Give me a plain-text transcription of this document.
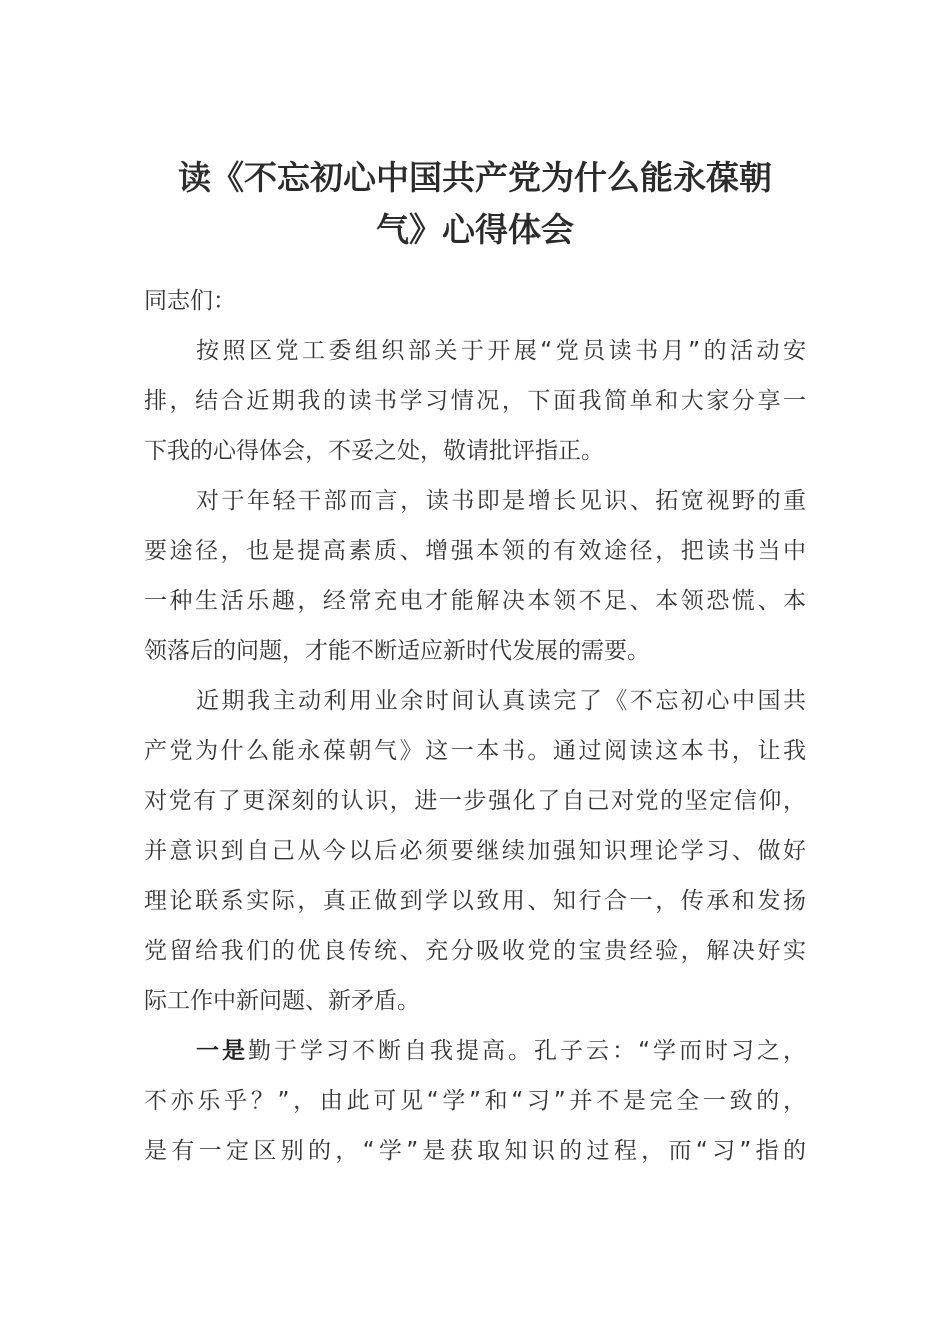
读《不忘初心中国共产党为什么能永葆朝
气》心得体会
同志们：
按照区党工委组织部关于开展“党员读书月”的活动安
排，结合近期我的读书学习情况，下面我简单和大家分享一
下我的心得体会，不妥之处，敬请批评指正。
对于年轻干部而言，读书即是增长见识、拓宽视野的重
要途径，也是提高素质、增强本领的有效途径，把读书当中
一种生活乐趣，经常充电才能解决本领不足、本领恐慌、本
领落后的问题，才能不断适应新时代发展的需要。
近期我主动利用业余时间认真读完了《不忘初心中国共
产党为什么能永葆朝气》这一本书。通过阅读这本书，让我
对党有了更深刻的认识，进一步强化了自己对党的坚定信仰，
并意识到自己从今以后必须要继续加强知识理论学习、做好
理论联系实际，真正做到学以致用、知行合一，传承和发扬
党留给我们的优良传统、充分吸收党的宝贵经验，解决好实
际工作中新问题、新矛盾。
一是勤于学习不断自我提高。孔子云：“学而时习之，
不亦乐乎？”，由此可见“学”和“习”并不是完全一致的，
是有一定区别的，“学”是获取知识的过程，而“习”指的
